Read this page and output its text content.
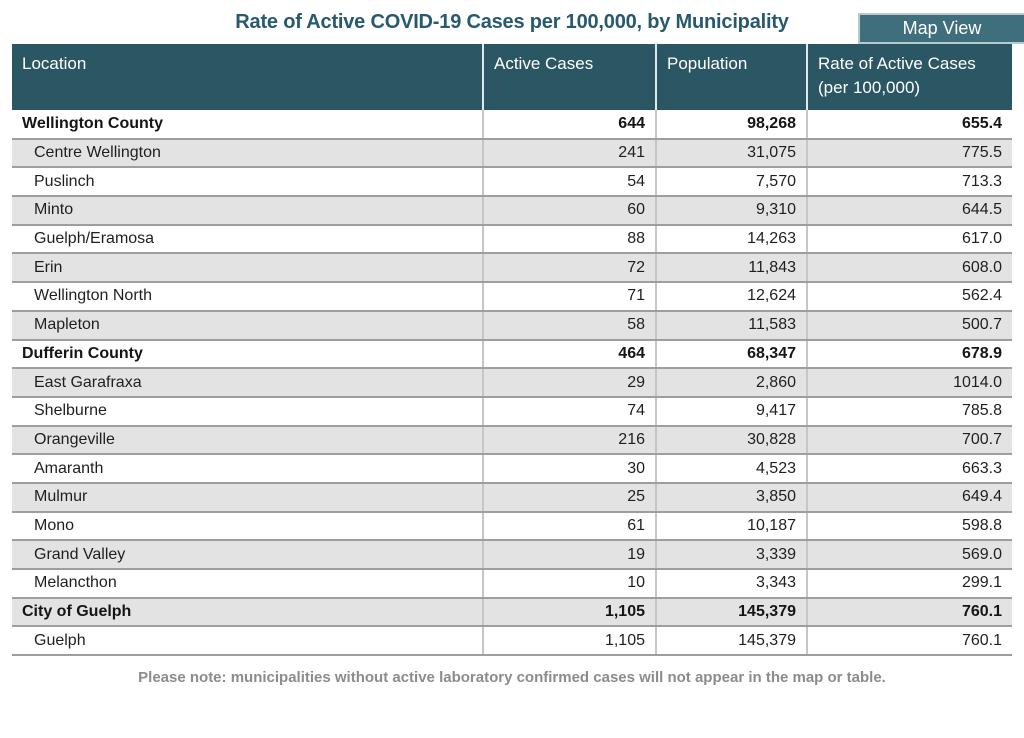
Rate of Active COVID-19 Cases per 100,000, by Municipality	Map View
Location	Active Cases	Population	Rate of Active Cases (per 100,000)
Wellington County	644	98,268	655.4
Centre Wellington	241	31,075	775.5
Puslinch	54	7,570	713.3
Minto	60	9,310	644.5
Guelph/Eramosa	88	14,263	617.0
Erin	72	11,843	608.0
Wellington North	71	12,624	562.4
Mapleton	58	11,583	500.7
Dufferin County	464	68,347	678.9
East Garafraxa	29	2,860	1014.0
Shelburne	74	9,417	785.8
Orangeville	216	30,828	700.7
Amaranth	30	4,523	663.3
Mulmur	25	3,850	649.4
Mono	61	10,187	598.8
Grand Valley	19	3,339	569.0
Melancthon	10	3,343	299.1
City of Guelph	1,105	145,379	760.1
Guelph	1,105	145,379	760.1
Please note: municipalities without active laboratory confirmed cases will not appear in the map or table.
